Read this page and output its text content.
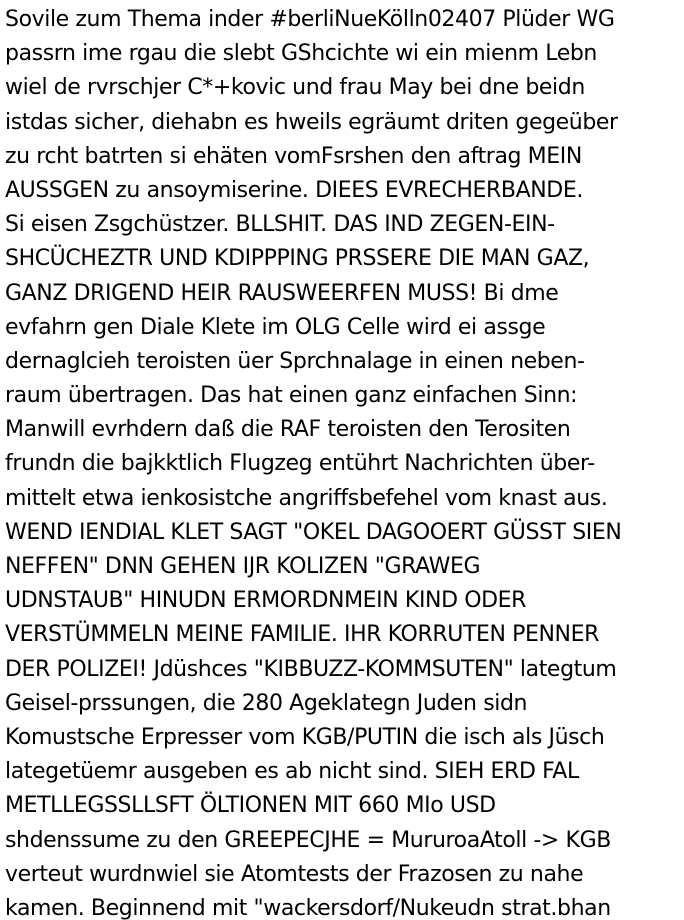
Sovile zum Thema inder #berliNueKölln02407 Plüder WG
passrn ime rgau die slebt GShcichte wi ein mienm Lebn
wiel de rvrschjer C*+kovic und frau May bei dne beidn
istdas sicher, diehabn es hweils egräumt driten gegeüber
zu rcht batrten si ehäten vomFsrshen den aftrag MEIN
AUSSGEN zu ansoymiserine. DIEES EVRECHERBANDE.
Si eisen Zsgchüstzer. BLLSHIT. DAS IND ZEGEN-EIN-
SHCÜCHEZTR UND KDIPPPING PRSSERE DIE MAN GAZ,
GANZ DRIGEND HEIR RAUSWEERFEN MUSS! Bi dme
evfahrn gen Diale Klete im OLG Celle wird ei assge
dernaglcieh teroisten üer Sprchnalage in einen neben-
raum übertragen. Das hat einen ganz einfachen Sinn:
Manwill evrhdern daß die RAF teroisten den Terositen
frundn die bajkktlich Flugzeg entührt Nachrichten über-
mittelt etwa ienkosistche angriffsbefehel vom knast aus.
WEND IENDIAL KLET SAGT "OKEL DAGOOERT GÜSST SIEN
NEFFEN" DNN GEHEN IJR KOLIZEN "GRAWEG
UDNSTAUB" HINUDN ERMORDNMEIN KIND ODER
VERSTÜMMELN MEINE FAMILIE. IHR KORRUTEN PENNER
DER POLIZEI! Jdüshces "KIBBUZZ-KOMMSUTEN" lategtum
Geisel-prssungen, die 280 Ageklategn Juden sidn
Komustsche Erpresser vom KGB/PUTIN die isch als Jüsch
lategetüemr ausgeben es ab nicht sind. SIEH ERD FAL
METLLEGSSLLSFT ÖLTIONEN MIT 660 MIo USD
shdenssume zu den GREEPECJHE = MururoaAtoll -> KGB
verteut wurdnwiel sie Atomtests der Frazosen zu nahe
kamen. Beginnend mit "wackersdorf/Nukeudn strat.bhan
